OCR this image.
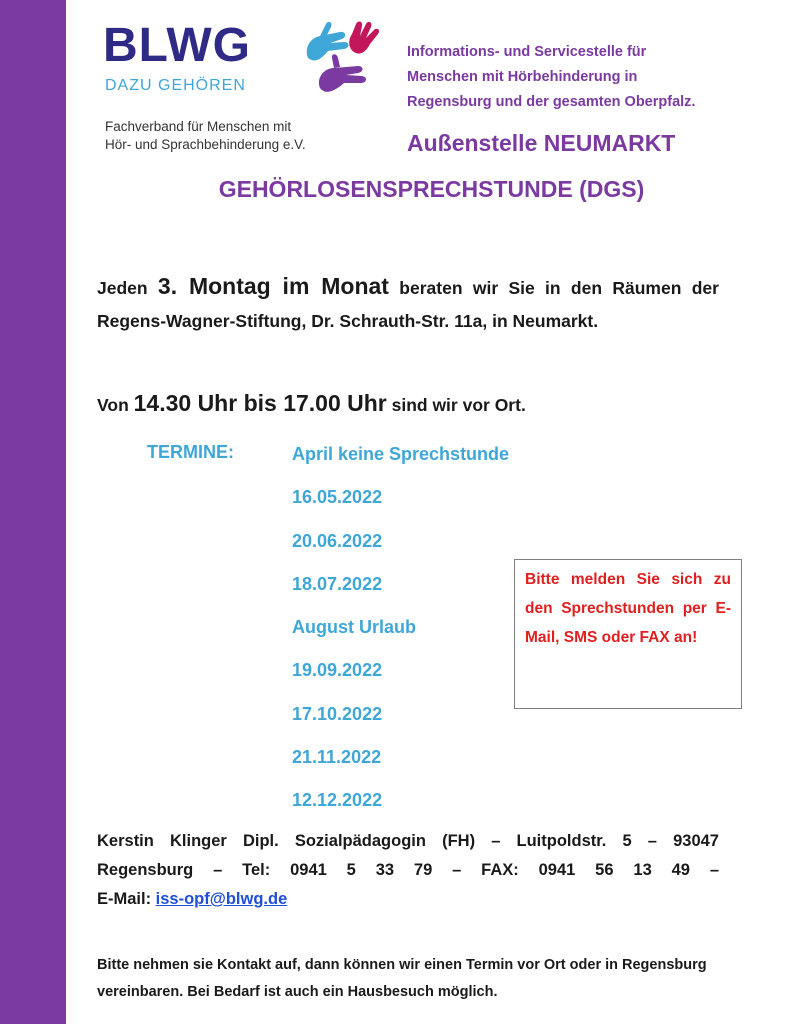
BLWG
DAZU GEHÖREN
Fachverband für Menschen mit
Hör- und Sprachbehinderung e.V.
Informations- und Servicestelle für
Menschen mit Hörbehinderung in
Regensburg und der gesamten Oberpfalz.
Außenstelle NEUMARKT
GEHÖRLOSENSPRECHSTUNDE (DGS)
Jeden 3. Montag im Monat beraten wir Sie in den Räumen der Regens-Wagner-Stiftung, Dr. Schrauth-Str. 11a, in Neumarkt.
Von 14.30 Uhr bis 17.00 Uhr sind wir vor Ort.
TERMINE:	April keine Sprechstunde
16.05.2022
20.06.2022
18.07.2022
August Urlaub
19.09.2022
17.10.2022
21.11.2022
12.12.2022
Bitte melden Sie sich zu den Sprechstunden per E-Mail, SMS oder FAX an!
Kerstin Klinger Dipl. Sozialpädagogin (FH) – Luitpoldstr. 5 – 93047
Regensburg – Tel: 0941 5 33 79 – FAX: 0941 56 13 49 –
E-Mail: iss-opf@blwg.de
Bitte nehmen sie Kontakt auf, dann können wir einen Termin vor Ort oder in Regensburg vereinbaren. Bei Bedarf ist auch ein Hausbesuch möglich.
